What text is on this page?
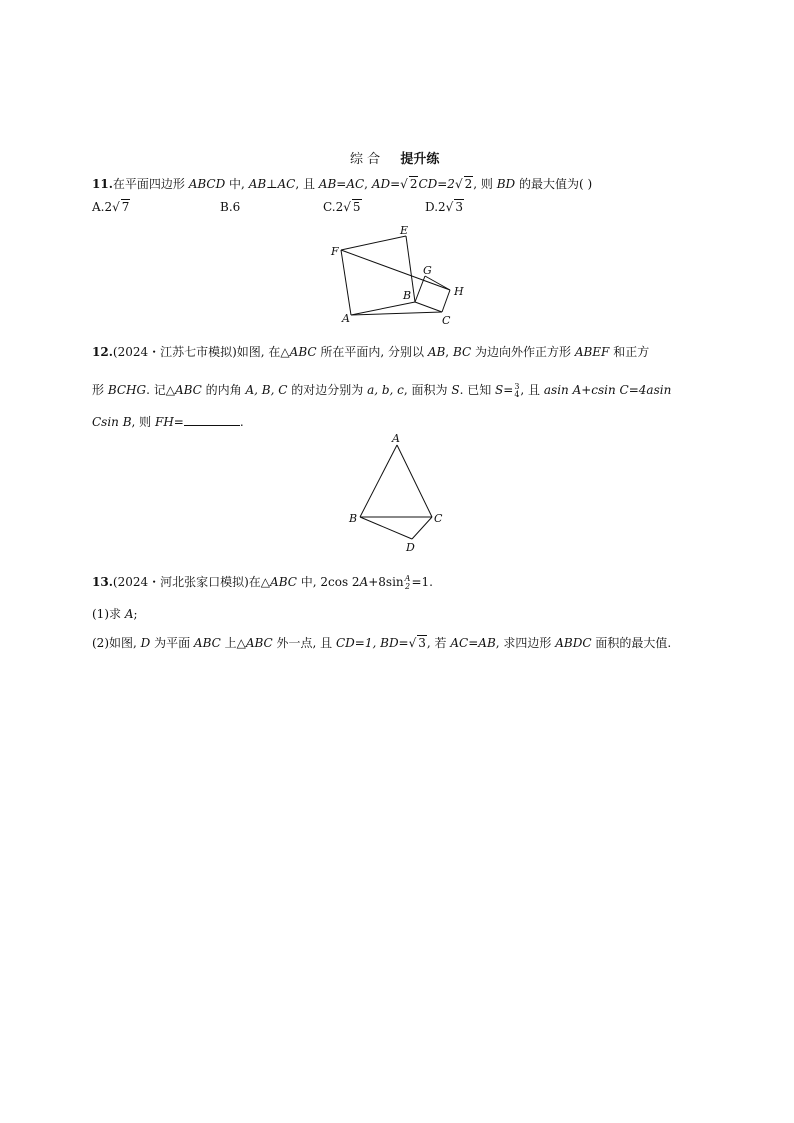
综 合 提升练
11.在平面四边形 ABCD 中, AB⊥AC, 且 AB=AC, AD=√ 2CD=2√ 2, 则 BD 的最大值为( )
A.2√ 7	B.6	C.2√ 5	D.2√ 3
F
E
G
H
B
A	C
12.(2024・江苏七市模拟)如图, 在△ABC 所在平面内, 分别以 AB, BC 为边向外作正方形 ABEF 和正方
形 BCHG. 记△ABC 的内角 A, B, C 的对边分别为 a, b, c, 面积为 S. 已知 S= 3
4 , 且 asin A+csin C=4asin
Csin B, 则 FH=	.
A
B	C
D
13.(2024・河北张家口模拟)在△ABC 中, 2cos 2A+8sin A
2 =1.
(1)求 A;
(2)如图, D 为平面 ABC 上△ABC 外一点, 且 CD=1, BD=√ 3, 若 AC=AB, 求四边形 ABDC 面积的最大值.
